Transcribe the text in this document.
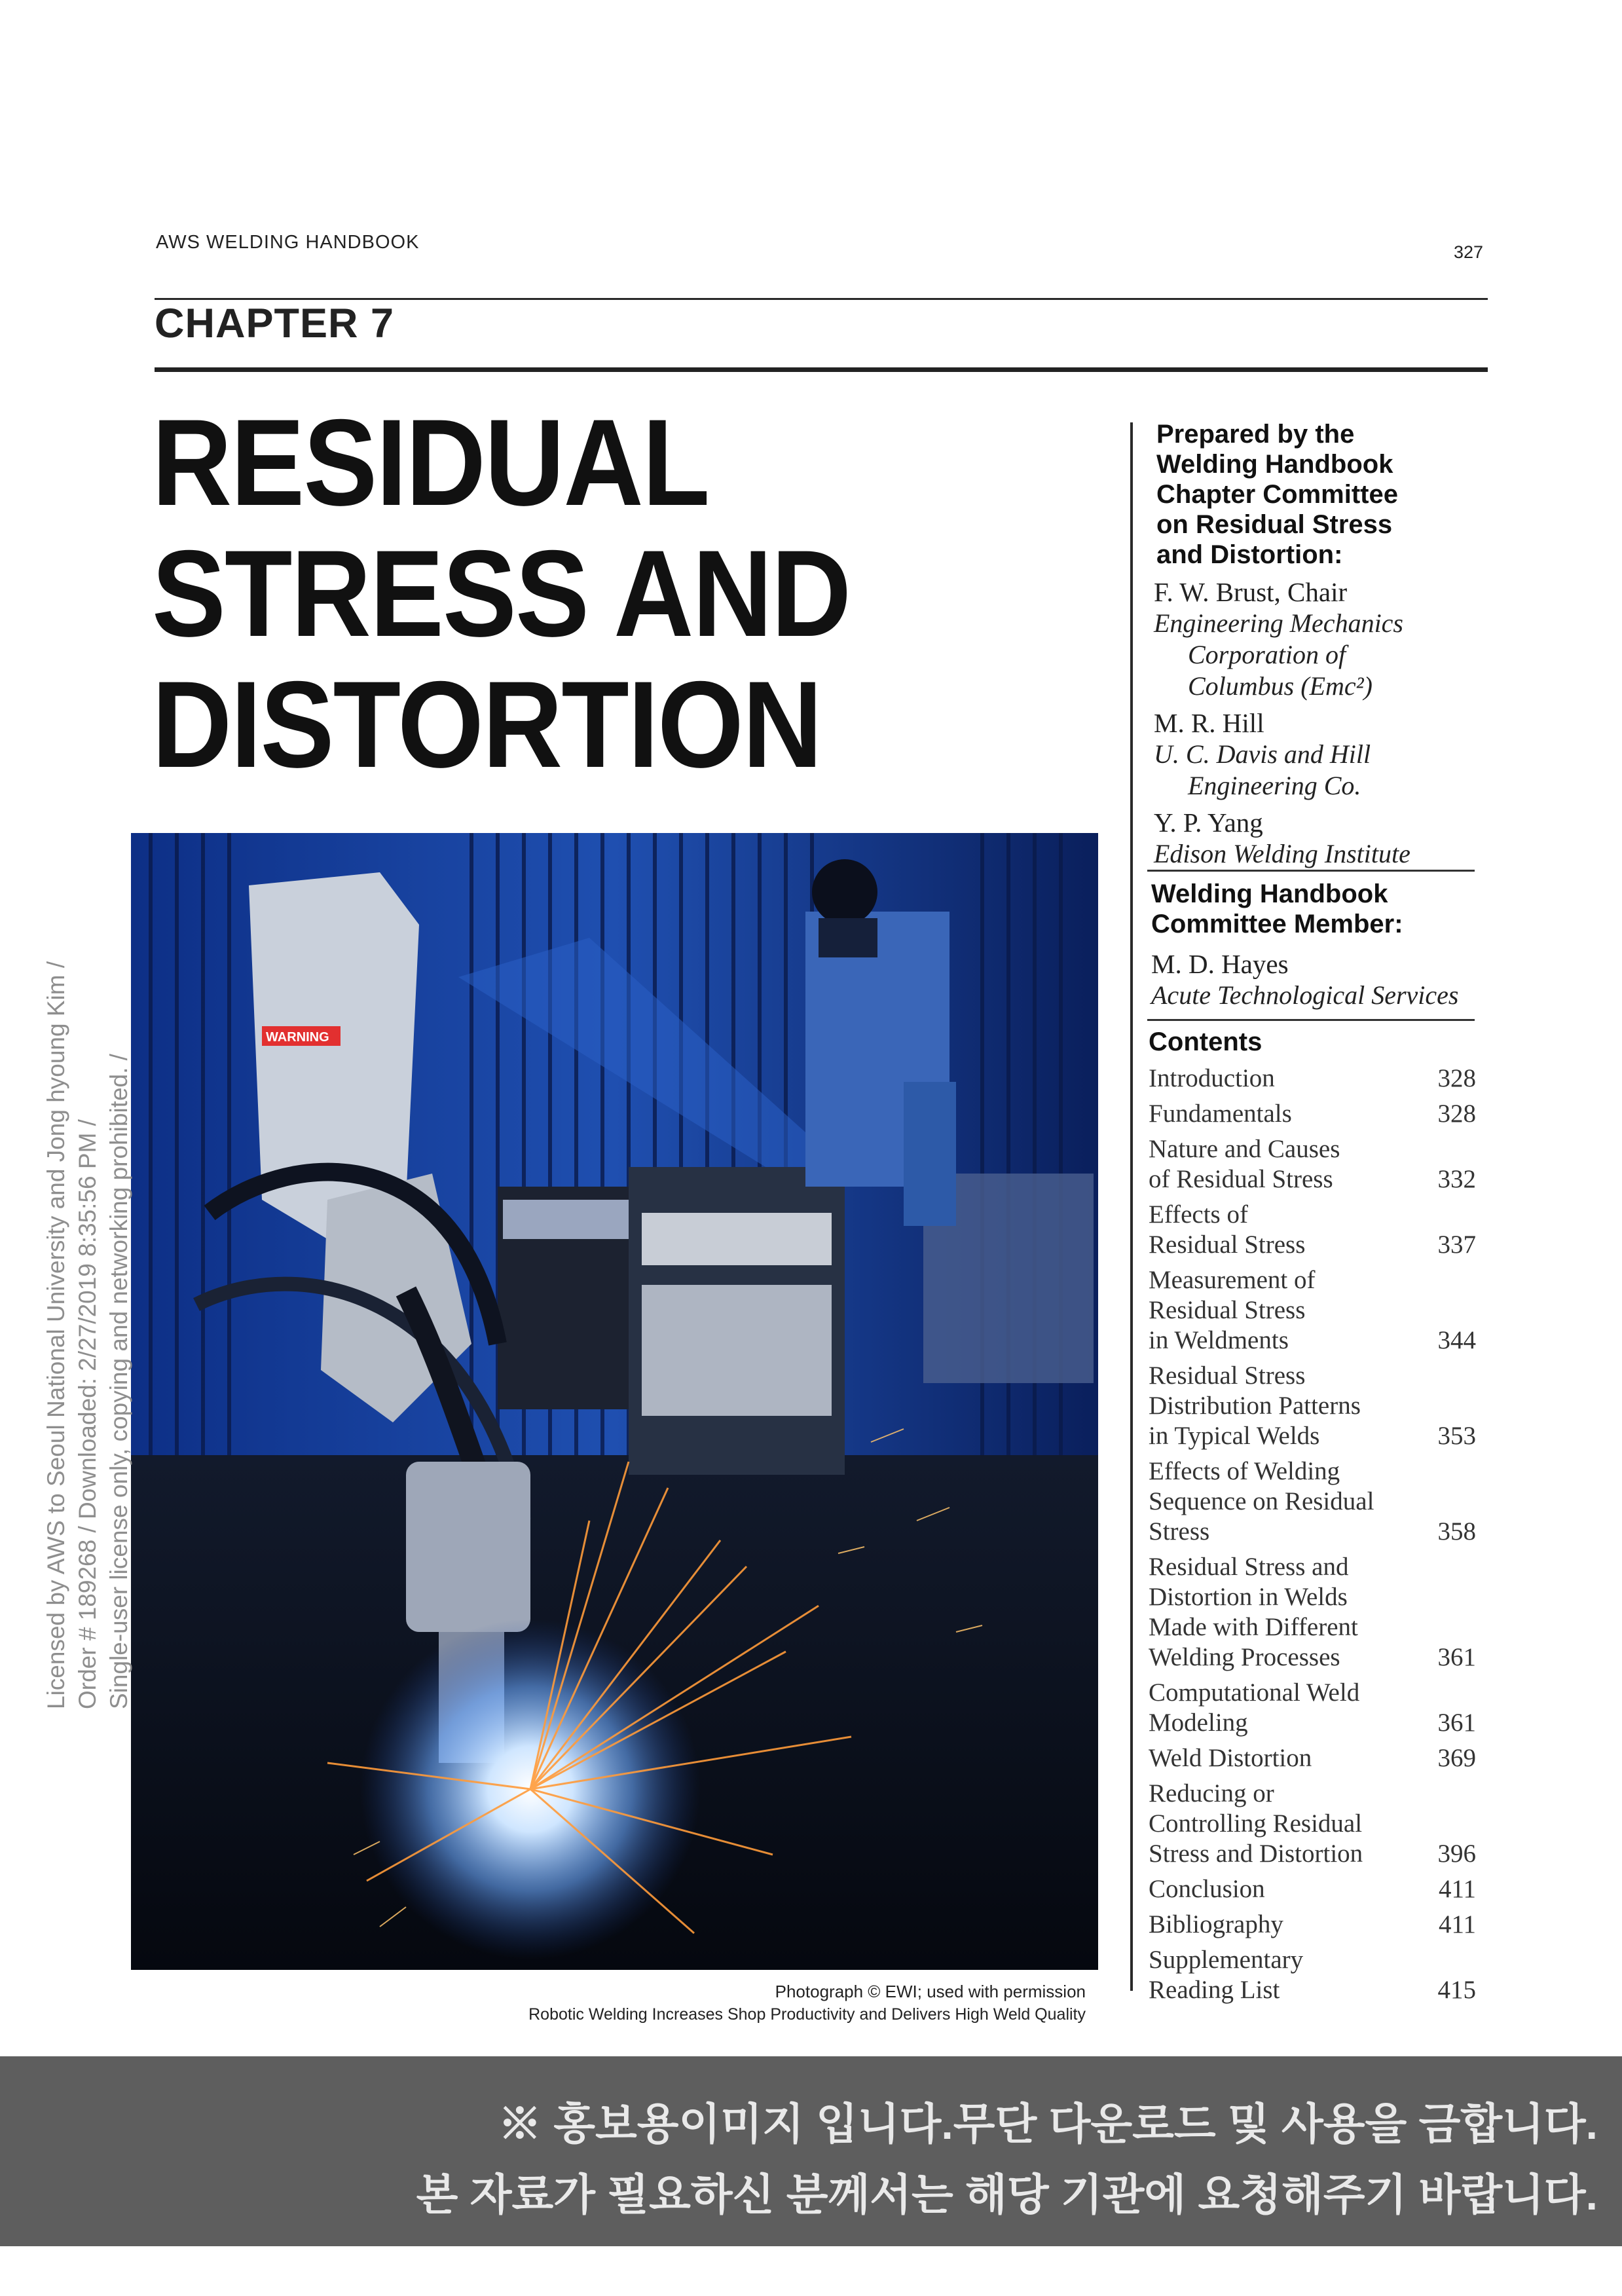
AWS WELDING HANDBOOK	327
CHAPTER 7
RESIDUAL
STRESS AND
DISTORTION
Prepared by the
Welding Handbook
Chapter Committee
on Residual Stress
and Distortion:
F. W. Brust, Chair
Engineering Mechanics
Corporation of
Columbus (Emc²)
M. R. Hill
U. C. Davis and Hill
Engineering Co.
Y. P. Yang
Edison Welding Institute
Welding Handbook
Committee Member:
M. D. Hayes
Acute Technological Services
Contents
Introduction	328
Fundamentals	328
Nature and Causes
of Residual Stress	332
Effects of
Residual Stress	337
Measurement of
Residual Stress
in Weldments	344
Residual Stress
Distribution Patterns
in Typical Welds	353
Effects of Welding
Sequence on Residual
Stress	358
Residual Stress and
Distortion in Welds
Made with Different
Welding Processes	361
Computational Weld
Modeling	361
Weld Distortion	369
Reducing or
Controlling Residual
Stress and Distortion	396
Conclusion	411
Bibliography	411
Supplementary
Reading List	415
WARNING
Photograph © EWI; used with permission
Robotic Welding Increases Shop Productivity and Delivers High Weld Quality
Licensed by AWS to Seoul National University and Jong hyoung Kim / Order # 189268 / Downloaded: 2/27/2019 8:35:56 PM / Single-user license only, copying and networking prohibited. /
※ 홍보용이미지 입니다.무단 다운로드 및 사용을 금합니다.
본 자료가 필요하신 분께서는 해당 기관에 요청해주기 바랍니다.
